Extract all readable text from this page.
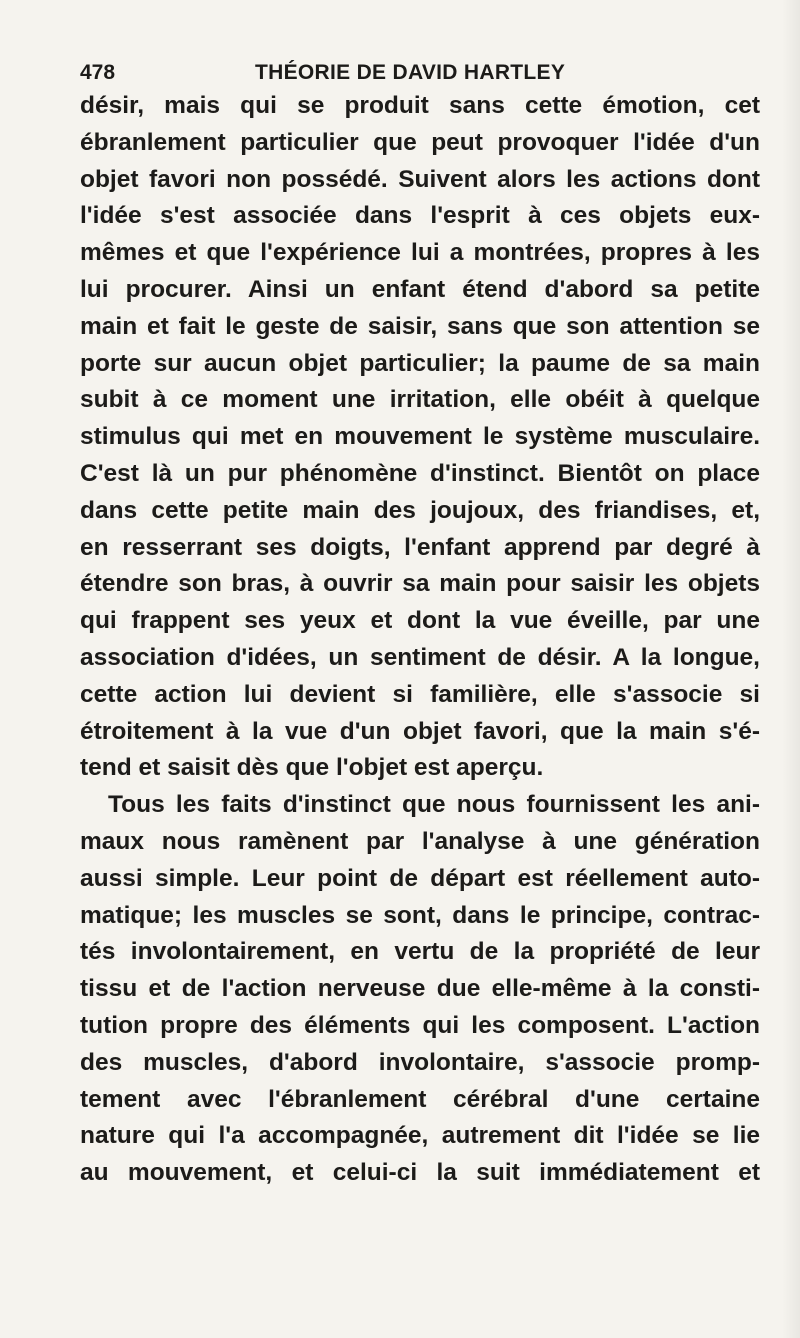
478	THÉORIE DE DAVID HARTLEY
désir, mais qui se produit sans cette émotion, cet
ébranlement particulier que peut provoquer l'idée d'un
objet favori non possédé. Suivent alors les actions dont
l'idée s'est associée dans l'esprit à ces objets eux-
mêmes et que l'expérience lui a montrées, propres à les
lui procurer. Ainsi un enfant étend d'abord sa petite
main et fait le geste de saisir, sans que son attention se
porte sur aucun objet particulier; la paume de sa main
subit à ce moment une irritation, elle obéit à quelque
stimulus qui met en mouvement le système musculaire.
C'est là un pur phénomène d'instinct. Bientôt on place
dans cette petite main des joujoux, des friandises, et,
en resserrant ses doigts, l'enfant apprend par degré à
étendre son bras, à ouvrir sa main pour saisir les objets
qui frappent ses yeux et dont la vue éveille, par une
association d'idées, un sentiment de désir. A la longue,
cette action lui devient si familière, elle s'associe si
étroitement à la vue d'un objet favori, que la main s'é-
tend et saisit dès que l'objet est aperçu.
Tous les faits d'instinct que nous fournissent les ani-
maux nous ramènent par l'analyse à une génération
aussi simple. Leur point de départ est réellement auto-
matique; les muscles se sont, dans le principe, contrac-
tés involontairement, en vertu de la propriété de leur
tissu et de l'action nerveuse due elle-même à la consti-
tution propre des éléments qui les composent. L'action
des muscles, d'abord involontaire, s'associe promp-
tement avec l'ébranlement cérébral d'une certaine
nature qui l'a accompagnée, autrement dit l'idée se lie
au mouvement, et celui-ci la suit immédiatement et
